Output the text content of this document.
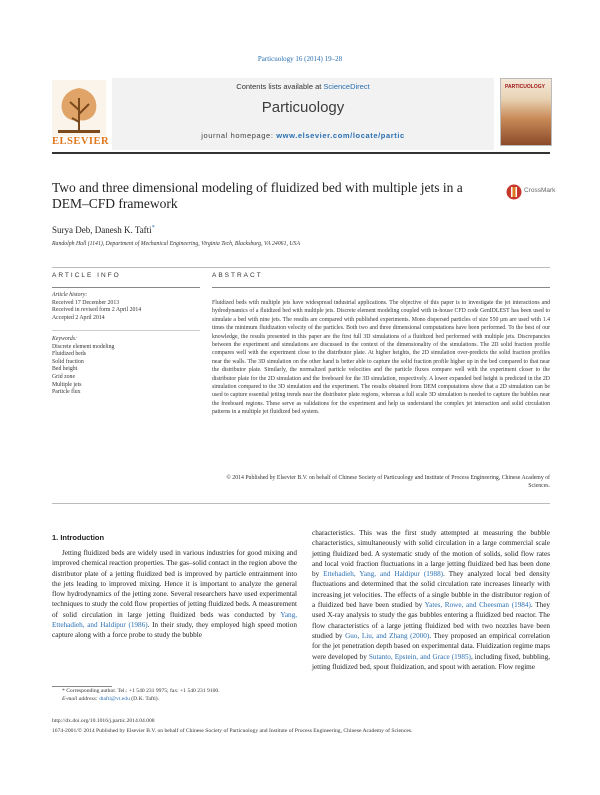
Particuology 16 (2014) 19–28
ELSEVIER
Contents lists available at ScienceDirect
Particuology
journal homepage: www.elsevier.com/locate/partic
PARTICUOLOGY
Two and three dimensional modeling of fluidized bed with multiple jets in a DEM–CFD framework
CrossMark
Surya Deb, Danesh K. Tafti*
Randolph Hall (1141), Department of Mechanical Engineering, Virginia Tech, Blacksburg, VA 24061, USA
ARTICLE INFO	ABSTRACT
Article history:
Received 17 December 2013
Received in revised form 2 April 2014
Accepted 2 April 2014
Keywords:
Discrete element modeling
Fluidized beds
Solid fraction
Bed height
Grid zone
Multiple jets
Particle flux
Fluidized beds with multiple jets have widespread industrial applications. The objective of this paper is to investigate the jet interactions and hydrodynamics of a fluidized bed with multiple jets. Discrete element modeling coupled with in-house CFD code GenIDLEST has been used to simulate a bed with nine jets. The results are compared with published experiments. Mono dispersed particles of size 550 μm are used with 1.4 times the minimum fluidization velocity of the particles. Both two and three dimensional computations have been performed. To the best of our knowledge, the results presented in this paper are the first full 3D simulations of a fluidized bed performed with multiple jets. Discrepancies between the experiment and simulations are discussed in the context of the dimensionality of the simulations. The 2D solid fraction profile compares well with the experiment close to the distributor plate. At higher heights, the 2D simulation over-predicts the solid fraction profiles near the walls. The 3D simulation on the other hand is better able to capture the solid fraction profile higher up in the bed compared to that near the distributor plate. Similarly, the normalized particle velocities and the particle fluxes compare well with the experiment closer to the distributor plate for the 2D simulation and the freeboard for the 3D simulation, respectively. A lower expanded bed height is predicted in the 2D simulation compared to the 3D simulation and the experiment. The results obtained from DEM computations show that a 2D simulation can be used to capture essential jetting trends near the distributor plate regions, whereas a full scale 3D simulation is needed to capture the bubbles near the freeboard regions. These serve as validations for the experiment and help us understand the complex jet interaction and solid circulation patterns in a multiple jet fluidized bed system.
© 2014 Published by Elsevier B.V. on behalf of Chinese Society of Particuology and Institute of Process Engineering, Chinese Academy of Sciences.
1. Introduction
Jetting fluidized beds are widely used in various industries for good mixing and improved chemical reaction properties. The gas–solid contact in the region above the distributor plate of a jetting fluidized bed is improved by particle entrainment into the jets leading to improved mixing. Hence it is important to analyze the general flow hydrodynamics of the jetting zone. Several researchers have used experimental techniques to study the cold flow properties of jetting fluidized beds. A measurement of solid circulation in large jetting fluidized beds was conducted by Yang, Ettehadieh, and Haldipur (1986). In their study, they employed high speed motion capture along with a force probe to study the bubble
characteristics. This was the first study attempted at measuring the bubble characteristics, simultaneously with solid circulation in a large commercial scale jetting fluidized bed. A systematic study of the motion of solids, solid flow rates and local void fraction fluctuations in a large jetting fluidized bed has been done by Ettehadieh, Yang, and Haldipur (1988). They analyzed local bed density fluctuations and determined that the solid circulation rate increases linearly with increasing jet velocities. The effects of a single bubble in the distributor region of a fluidized bed have been studied by Yates, Rowe, and Cheesman (1984). They used X-ray analysis to study the gas bubbles entering a fluidized bed reactor. The flow characteristics of a large jetting fluidized bed with two nozzles have been studied by Guo, Liu, and Zhang (2000). They proposed an empirical correlation for the jet penetration depth based on experimental data. Fluidization regime maps were developed by Sutanto, Epstein, and Grace (1985), including fixed, bubbling, jetting fluidized bed, spout fluidization, and spout with aeration. Flow regime
* Corresponding author. Tel.: +1 540 231 9975; fax: +1 540 231 9100.
E-mail address: dtafti@vt.edu (D.K. Tafti).
http://dx.doi.org/10.1016/j.partic.2014.04.008
1674-2001/© 2014 Published by Elsevier B.V. on behalf of Chinese Society of Particuology and Institute of Process Engineering, Chinese Academy of Sciences.
